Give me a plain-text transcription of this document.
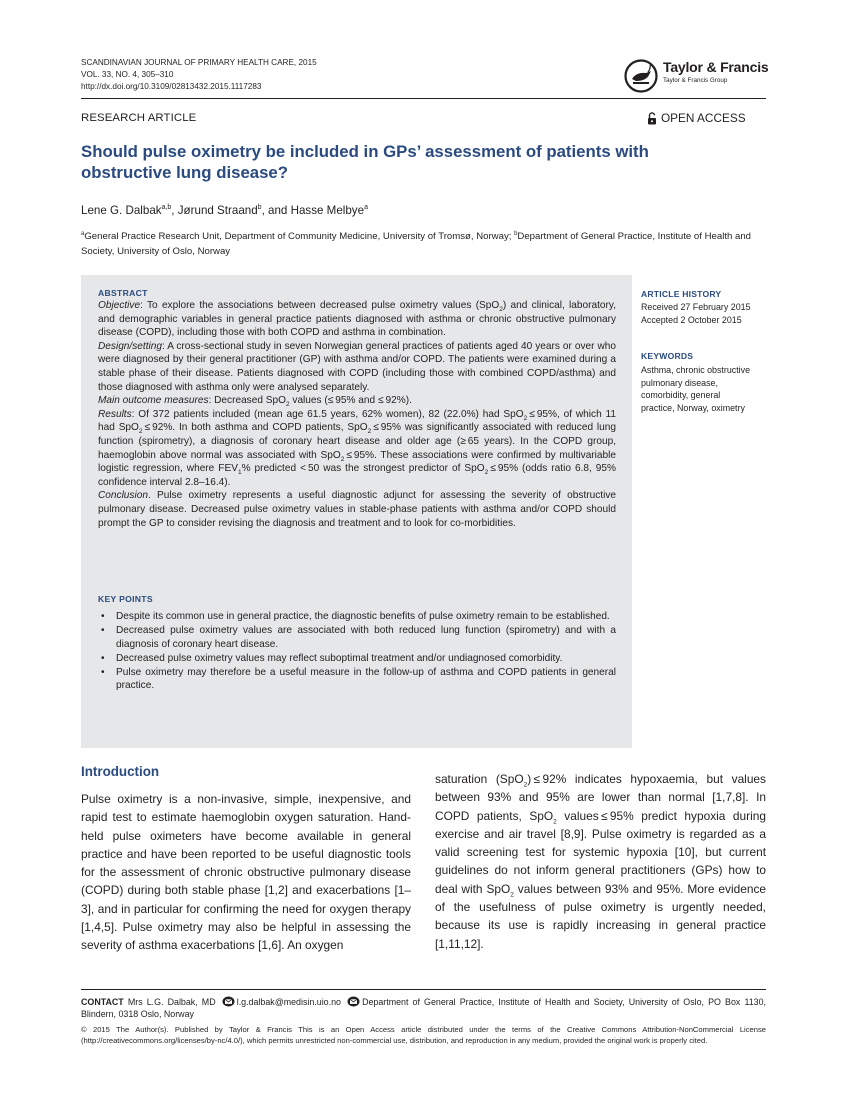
SCANDINAVIAN JOURNAL OF PRIMARY HEALTH CARE, 2015
VOL. 33, NO. 4, 305–310
http://dx.doi.org/10.3109/02813432.2015.1117283
Taylor & Francis
Taylor & Francis Group
RESEARCH ARTICLE	OPEN ACCESS
Should pulse oximetry be included in GPs’ assessment of patients with obstructive lung disease?
Lene G. Dalbak$^{a,b}$, Jørund Straand$^b$, and Hasse Melbye$^a$
$^a$General Practice Research Unit, Department of Community Medicine, University of Tromsø, Norway; $^b$Department of General Practice, Institute of Health and Society, University of Oslo, Norway
ABSTRACT

Objective: To explore the associations between decreased pulse oximetry values (SpO$_2$) and clinical, laboratory, and demographic variables in general practice patients diagnosed with asthma or chronic obstructive pulmonary disease (COPD), including those with both COPD and asthma in combination.

Design/setting: A cross-sectional study in seven Norwegian general practices of patients aged 40 years or over who were diagnosed by their general practitioner (GP) with asthma and/or COPD. The patients were examined during a stable phase of their disease. Patients diagnosed with COPD (including those with combined COPD/asthma) and those diagnosed with asthma only were analysed separately.

Main outcome measures: Decreased SpO$_2$ values (≤ 95% and ≤ 92%).

Results: Of 372 patients included (mean age 61.5 years, 62% women), 82 (22.0%) had SpO$_2$ ≤ 95%, of which 11 had SpO$_2$ ≤ 92%. In both asthma and COPD patients, SpO$_2$ ≤ 95% was significantly associated with reduced lung function (spirometry), a diagnosis of coronary heart disease and older age (≥ 65 years). In the COPD group, haemoglobin above normal was associated with SpO$_2$ ≤ 95%. These associations were confirmed by multivariable logistic regression, where $FEV_1\%$ predicted < 50 was the strongest predictor of SpO$_2$ ≤ 95% (odds ratio 6.8, 95% confidence interval 2.8–16.4).

Conclusion. Pulse oximetry represents a useful diagnostic adjunct for assessing the severity of obstructive pulmonary disease. Decreased pulse oximetry values in stable-phase patients with asthma and/or COPD should prompt the GP to consider revising the diagnosis and treatment and to look for co-morbidities.

KEY POINTS
• Despite its common use in general practice, the diagnostic benefits of pulse oximetry remain to be established.
• Decreased pulse oximetry values are associated with both reduced lung function (spirometry) and with a diagnosis of coronary heart disease.
• Decreased pulse oximetry values may reflect suboptimal treatment and/or undiagnosed comorbidity.
• Pulse oximetry may therefore be a useful measure in the follow-up of asthma and COPD patients in general practice.
ARTICLE HISTORY
Received 27 February 2015
Accepted 2 October 2015
KEYWORDS
Asthma, chronic obstructive
pulmonary disease,
comorbidity, general
practice, Norway, oximetry
Introduction
Pulse oximetry is a non-invasive, simple, inexpensive, and rapid test to estimate haemoglobin oxygen saturation. Hand-held pulse oximeters have become available in general practice and have been reported to be useful diagnostic tools for the assessment of chronic obstructive pulmonary disease (COPD) during both stable phase [1,2] and exacerbations [1–3], and in particular for confirming the need for oxygen therapy [1,4,5]. Pulse oximetry may also be helpful in assessing the severity of asthma exacerbations [1,6]. An oxygen
saturation (SpO$_2$) ≤ 92% indicates hypoxaemia, but values between 93% and 95% are lower than normal [1,7,8]. In COPD patients, SpO$_2$ values ≤ 95% predict hypoxia during exercise and air travel [8,9]. Pulse oximetry is regarded as a valid screening test for systemic hypoxia [10], but current guidelines do not inform general practitioners (GPs) how to deal with SpO$_2$ values between 93% and 95%. More evidence of the usefulness of pulse oximetry is urgently needed, because its use is rapidly increasing in general practice [1,11,12].
CONTACT Mrs L.G. Dalbak, MD l.g.dalbak@medisin.uio.no Department of General Practice, Institute of Health and Society, University of Oslo, PO Box 1130, Blindern, 0318 Oslo, Norway
© 2015 The Author(s). Published by Taylor & Francis This is an Open Access article distributed under the terms of the Creative Commons Attribution-NonCommercial License (http://creativecommons.org/licenses/by-nc/4.0/), which permits unrestricted non-commercial use, distribution, and reproduction in any medium, provided the original work is properly cited.
